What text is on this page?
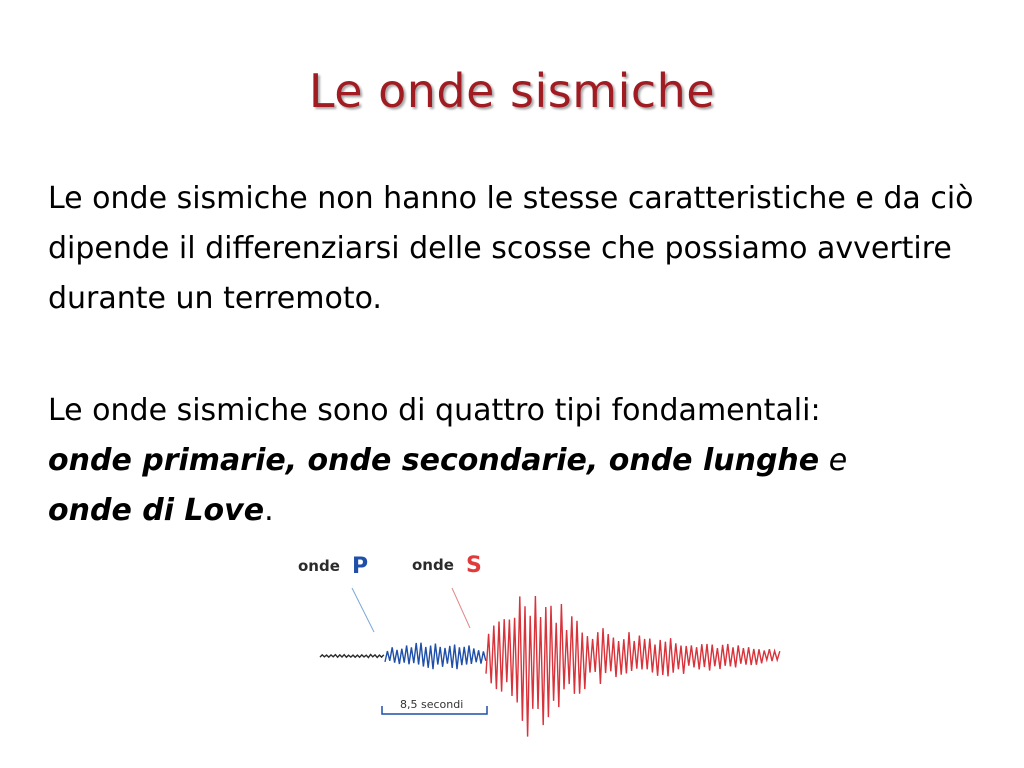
Le onde sismiche

Le onde sismiche non hanno le stesse caratteristiche e da ciò dipende il differenziarsi delle scosse che possiamo avvertire durante un terremoto.

Le onde sismiche sono di quattro tipi fondamentali:
onde primarie, onde secondarie, onde lunghe e
onde di Love.

onde P	onde S
8,5 secondi
